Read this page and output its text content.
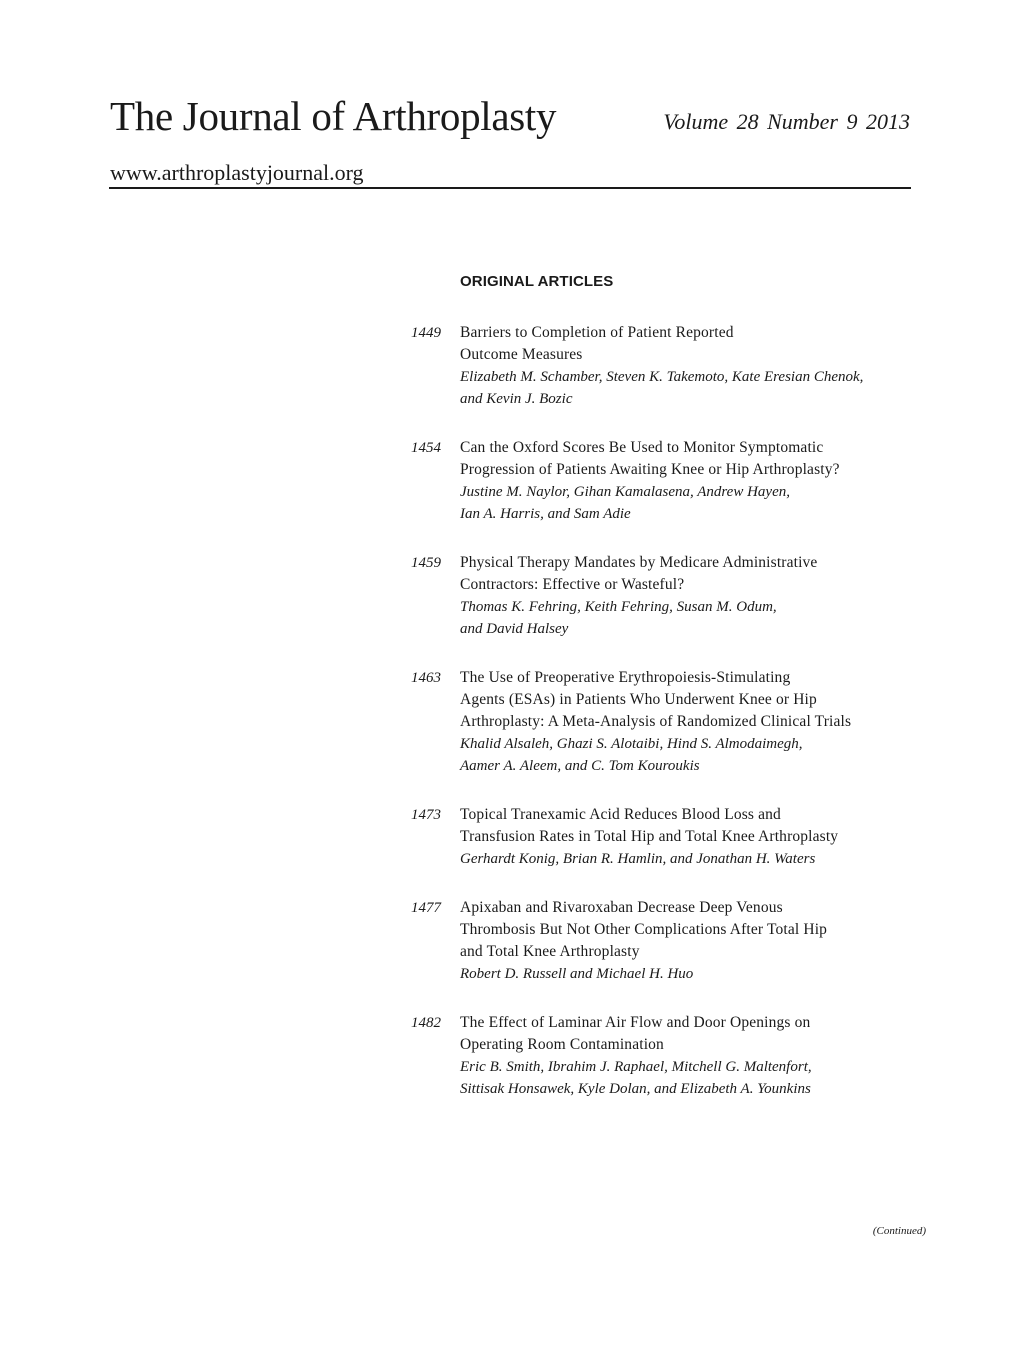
The Journal of Arthroplasty	Volume 28 Number 9 2013
www.arthroplastyjournal.org
ORIGINAL ARTICLES
1449 Barriers to Completion of Patient Reported
Outcome Measures
Elizabeth M. Schamber, Steven K. Takemoto, Kate Eresian Chenok,
and Kevin J. Bozic
1454 Can the Oxford Scores Be Used to Monitor Symptomatic
Progression of Patients Awaiting Knee or Hip Arthroplasty?
Justine M. Naylor, Gihan Kamalasena, Andrew Hayen,
Ian A. Harris, and Sam Adie
1459 Physical Therapy Mandates by Medicare Administrative
Contractors: Effective or Wasteful?
Thomas K. Fehring, Keith Fehring, Susan M. Odum,
and David Halsey
1463 The Use of Preoperative Erythropoiesis-Stimulating
Agents (ESAs) in Patients Who Underwent Knee or Hip
Arthroplasty: A Meta-Analysis of Randomized Clinical Trials
Khalid Alsaleh, Ghazi S. Alotaibi, Hind S. Almodaimegh,
Aamer A. Aleem, and C. Tom Kouroukis
1473 Topical Tranexamic Acid Reduces Blood Loss and
Transfusion Rates in Total Hip and Total Knee Arthroplasty
Gerhardt Konig, Brian R. Hamlin, and Jonathan H. Waters
1477 Apixaban and Rivaroxaban Decrease Deep Venous
Thrombosis But Not Other Complications After Total Hip
and Total Knee Arthroplasty
Robert D. Russell and Michael H. Huo
1482 The Effect of Laminar Air Flow and Door Openings on
Operating Room Contamination
Eric B. Smith, Ibrahim J. Raphael, Mitchell G. Maltenfort,
Sittisak Honsawek, Kyle Dolan, and Elizabeth A. Younkins
(Continued)
